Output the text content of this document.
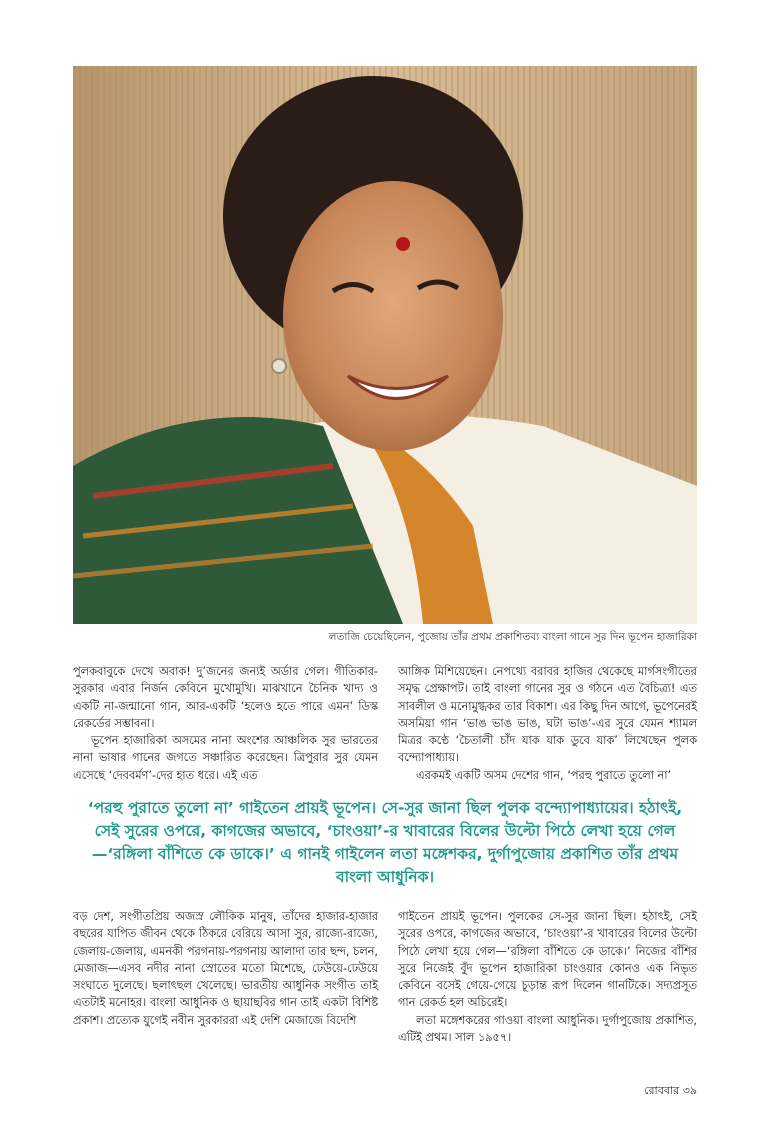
লতাজি চেয়েছিলেন, পুজোয় তাঁর প্রথম প্রকাশিতব্য বাংলা গানে সুর দিন ভূপেন হাজারিকা

পুলকবাবুকে দেখে অবাক! দু’জনের জন্যই অর্ডার গেল। গীতিকার-সুরকার এবার নির্জন কেবিনে মুখোমুখি। মাঝখানে চৈনিক খাদ্য ও একটি না-জন্মানো গান, আর-একটি ‘হলেও হতে পারে এমন’ ডিস্ক রেকর্ডের সম্ভাবনা।

ভূপেন হাজারিকা অসমের নানা অংশের আঞ্চলিক সুর ভারতের নানা ভাষার গানের জগতে সঞ্চারিত করেছেন। ত্রিপুরার সুর যেমন এসেছে ‘দেববর্মণ’-দের হাত ধরে। এই এত

আঙ্গিক মিশিয়েছেন। নেপথ্যে বরাবর হাজির থেকেছে মার্গসংগীতের সমৃদ্ধ প্রেক্ষাপট। তাই বাংলা গানের সুর ও গঠনে এত বৈচিত্র্য! এত সাবলীল ও মনোমুগ্ধকর তার বিকাশ। এর কিছু দিন আগে, ভূপেনেরই অসমিয়া গান ‘ভাঙ ভাঙ ভাঙ, ঘটা ভাঙ’-এর সুরে যেমন শ্যামল মিত্রর কণ্ঠে ‘চৈতালী চাঁদ যাক যাক ডুবে যাক’ লিখেছেন পুলক বন্দ্যোপাধ্যায়।

এরকমই একটি অসম দেশের গান, ‘পরহু পুরাতে তুলো না’

‘পরহু পুরাতে তুলো না’ গাইতেন প্রায়ই ভূপেন। সে-সুর জানা ছিল পুলক বন্দ্যোপাধ্যায়ের। হঠাৎই, সেই সুরের ওপরে, কাগজের অভাবে, ‘চাংওয়া’-র খাবারের বিলের উল্টো পিঠে লেখা হয়ে গেল—‘রঙ্গিলা বাঁশিতে কে ডাকে।’ এ গানই গাইলেন লতা মঙ্গেশকর, দুর্গাপুজোয় প্রকাশিত তাঁর প্রথম বাংলা আধুনিক।

বড় দেশ, সংগীতপ্রিয় অজস্র লৌকিক মানুষ, তাঁদের হাজার-হাজার বছরের যাপিত জীবন থেকে ঠিকরে বেরিয়ে আসা সুর, রাজ্যে-রাজ্যে, জেলায়-জেলায়, এমনকী পরগনায়-পরগনায় আলাদা তার ছন্দ, চলন, মেজাজ—এসব নদীর নানা স্রোতের মতো মিশেছে, ঢেউয়ে-ঢেউয়ে সংঘাতে দুলেছে। ছলাৎছল খেলেছে। ভারতীয় আধুনিক সংগীত তাই এতটাই মনোহর। বাংলা আধুনিক ও ছায়াছবির গান তাই একটা বিশিষ্ট প্রকাশ। প্রত্যেক যুগেই নবীন সুরকাররা এই দেশি মেজাজে বিদেশি

গাইতেন প্রায়ই ভূপেন। পুলকের সে-সুর জানা ছিল। হঠাৎই, সেই সুরের ওপরে, কাগজের অভাবে, ‘চাংওয়া’-র খাবারের বিলের উল্টো পিঠে লেখা হয়ে গেল—‘রঙ্গিলা বাঁশিতে কে ডাকে।’ নিজের বাঁশির সুরে নিজেই বুঁদ ভূপেন হাজারিকা চাংওয়ার কোনও এক নিভৃত কেবিনে বসেই গেয়ে-গেয়ে চূড়ান্ত রূপ দিলেন গানটিকে। সদ্যপ্রসূত গান রেকর্ড হল অচিরেই।

লতা মঙ্গেশকরের গাওয়া বাংলা আধুনিক। দুর্গাপুজোয় প্রকাশিত, এটিই প্রথম। সাল ১৯৫৭।

রোববার ৩৯
